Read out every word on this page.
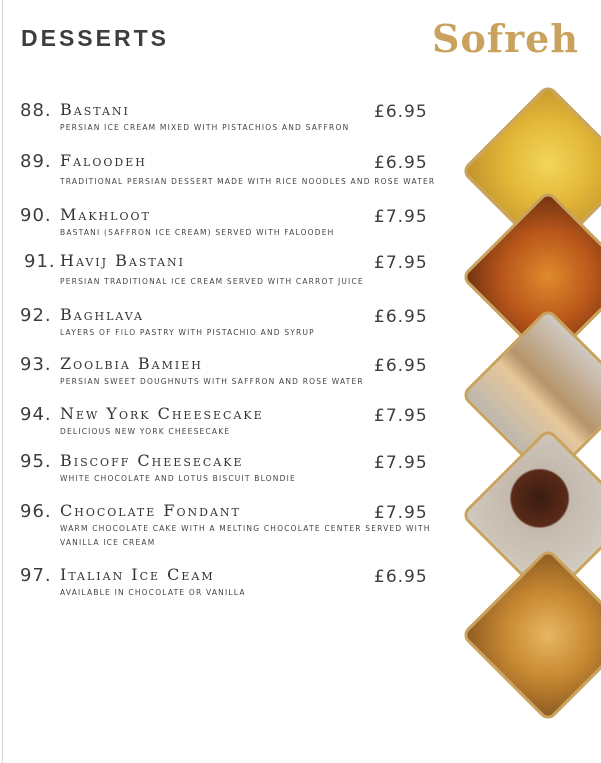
DESSERTS	Sofreh
88. Bastani	£6.95
PERSIAN ICE CREAM MIXED WITH PISTACHIOS AND SAFFRON
89. Faloodeh	£6.95
TRADITIONAL PERSIAN DESSERT MADE WITH RICE NOODLES AND ROSE WATER
90. Makhloot	£7.95
BASTANI (SAFFRON ICE CREAM) SERVED WITH FALOODEH
91. Havij Bastani	£7.95
PERSIAN TRADITIONAL ICE CREAM SERVED WITH CARROT JUICE
92. Baghlava	£6.95
LAYERS OF FILO PASTRY WITH PISTACHIO AND SYRUP
93. Zoolbia Bamieh	£6.95
PERSIAN SWEET DOUGHNUTS WITH SAFFRON AND ROSE WATER
94. New York Cheesecake	£7.95
DELICIOUS NEW YORK CHEESECAKE
95. Biscoff Cheesecake	£7.95
WHITE CHOCOLATE AND LOTUS BISCUIT BLONDIE
96. Chocolate Fondant	£7.95
WARM CHOCOLATE CAKE WITH A MELTING CHOCOLATE CENTER SERVED WITH VANILLA ICE CREAM
97. Italian Ice Ceam	£6.95
AVAILABLE IN CHOCOLATE OR VANILLA
